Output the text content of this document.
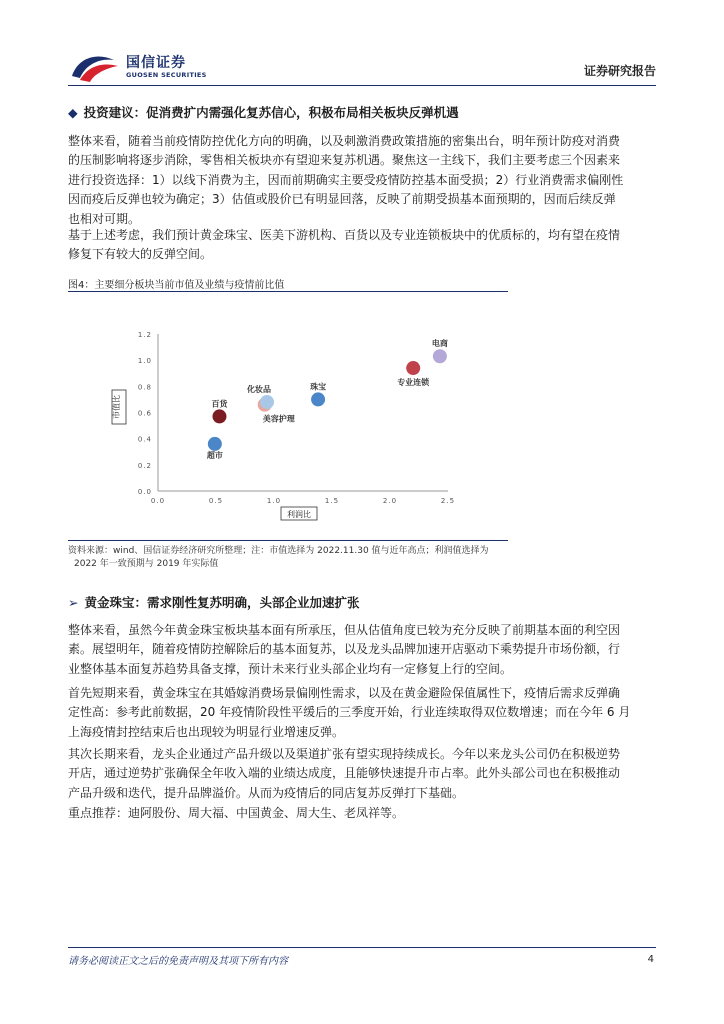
国信证券
GUOSEN SECURITIES	证券研究报告
◆ 投资建议：促消费扩内需强化复苏信心，积极布局相关板块反弹机遇
整体来看，随着当前疫情防控优化方向的明确，以及刺激消费政策措施的密集出台，明年预计防疫对消费
的压制影响将逐步消除，零售相关板块亦有望迎来复苏机遇。聚焦这一主线下，我们主要考虑三个因素来
进行投资选择：1）以线下消费为主，因而前期确实主要受疫情防控基本面受损；2）行业消费需求偏刚性
因而疫后反弹也较为确定；3）估值或股价已有明显回落，反映了前期受损基本面预期的，因而后续反弹
也相对可期。
基于上述考虑，我们预计黄金珠宝、医美下游机构、百货以及专业连锁板块中的优质标的，均有望在疫情
修复下有较大的反弹空间。
图4：主要细分板块当前市值及业绩与疫情前比值
0.0
0.2
0.4
0.6
0.8
1.0
1.2
0.0	0.5	1.0	1.5	2.0	2.5
超市
百货
美容护理
化妆品	珠宝	专业连锁
电商
利润比
市值比
资料来源：wind、国信证券经济研究所整理；注：市值选择为 2022.11.30 值与近年高点；利润值选择为
2022 年一致预期与 2019 年实际值
➢ 黄金珠宝：需求刚性复苏明确，头部企业加速扩张
整体来看，虽然今年黄金珠宝板块基本面有所承压，但从估值角度已较为充分反映了前期基本面的利空因
素。展望明年，随着疫情防控解除后的基本面复苏，以及龙头品牌加速开店驱动下乘势提升市场份额，行
业整体基本面复苏趋势具备支撑，预计未来行业头部企业均有一定修复上行的空间。
首先短期来看，黄金珠宝在其婚嫁消费场景偏刚性需求，以及在黄金避险保值属性下，疫情后需求反弹确
定性高：参考此前数据，20 年疫情阶段性平缓后的三季度开始，行业连续取得双位数增速；而在今年 6 月
上海疫情封控结束后也出现较为明显行业增速反弹。
其次长期来看，龙头企业通过产品升级以及渠道扩张有望实现持续成长。今年以来龙头公司仍在积极逆势
开店，通过逆势扩张确保全年收入端的业绩达成度，且能够快速提升市占率。此外头部公司也在积极推动
产品升级和迭代，提升品牌溢价。从而为疫情后的同店复苏反弹打下基础。
重点推荐：迪阿股份、周大福、中国黄金、周大生、老凤祥等。
请务必阅读正文之后的免责声明及其项下所有内容	4
